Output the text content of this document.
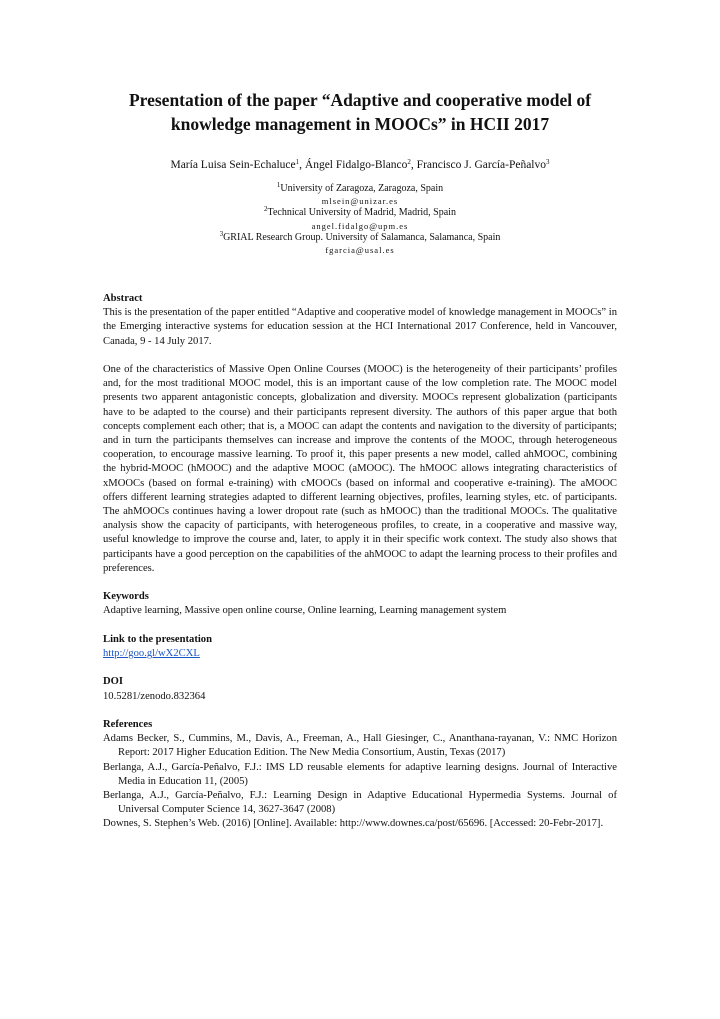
Presentation of the paper “Adaptive and cooperative model of
knowledge management in MOOCs” in HCII 2017
María Luisa Sein-Echaluce$^1$, Ángel Fidalgo-Blanco$^2$, Francisco J. García-Peñalvo$^3$
$^1$University of Zaragoza, Zaragoza, Spain
mlsein@unizar.es
$^2$Technical University of Madrid, Madrid, Spain
angel.fidalgo@upm.es
$^3$GRIAL Research Group. University of Salamanca, Salamanca, Spain
fgarcia@usal.es

Abstract

This is the presentation of the paper entitled “Adaptive and cooperative model of knowledge management in MOOCs” in the Emerging interactive systems for education session at the HCI International 2017 Conference, held in Vancouver, Canada, 9 - 14 July 2017.

One of the characteristics of Massive Open Online Courses (MOOC) is the heterogeneity of their participants’ profiles and, for the most traditional MOOC model, this is an important cause of the low completion rate. The MOOC model presents two apparent antagonistic concepts, globalization and diversity. MOOCs represent globalization (participants have to be adapted to the course) and their participants represent diversity. The authors of this paper argue that both concepts complement each other; that is, a MOOC can adapt the contents and navigation to the diversity of participants; and in turn the participants themselves can increase and improve the contents of the MOOC, through heterogeneous cooperation, to encourage massive learning. To proof it, this paper presents a new model, called ahMOOC, combining the hybrid-MOOC (hMOOC) and the adaptive MOOC (aMOOC). The hMOOC allows integrating characteristics of xMOOCs (based on formal e-training) with cMOOCs (based on informal and cooperative e-training). The aMOOC offers different learning strategies adapted to different learning objectives, profiles, learning styles, etc. of participants. The ahMOOCs continues having a lower dropout rate (such as hMOOC) than the traditional MOOCs. The qualitative analysis show the capacity of participants, with heterogeneous profiles, to create, in a cooperative and massive way, useful knowledge to improve the course and, later, to apply it in their specific work context. The study also shows that participants have a good perception on the capabilities of the ahMOOC to adapt the learning process to their profiles and preferences.

Keywords

Adaptive learning, Massive open online course, Online learning, Learning management system

Link to the presentation

http://goo.gl/wX2CXL

DOI

10.5281/zenodo.832364

References

Adams Becker, S., Cummins, M., Davis, A., Freeman, A., Hall Giesinger, C., Ananthana-rayanan, V.: NMC Horizon Report: 2017 Higher Education Edition. The New Media Consortium, Austin, Texas (2017)

Berlanga, A.J., García-Peñalvo, F.J.: IMS LD reusable elements for adaptive learning designs. Journal of Interactive Media in Education 11, (2005)

Berlanga, A.J., García-Peñalvo, F.J.: Learning Design in Adaptive Educational Hypermedia Systems. Journal of Universal Computer Science 14, 3627-3647 (2008)

Downes, S. Stephen’s Web. (2016) [Online]. Available: http://www.downes.ca/post/65696. [Accessed: 20-Febr-2017].
